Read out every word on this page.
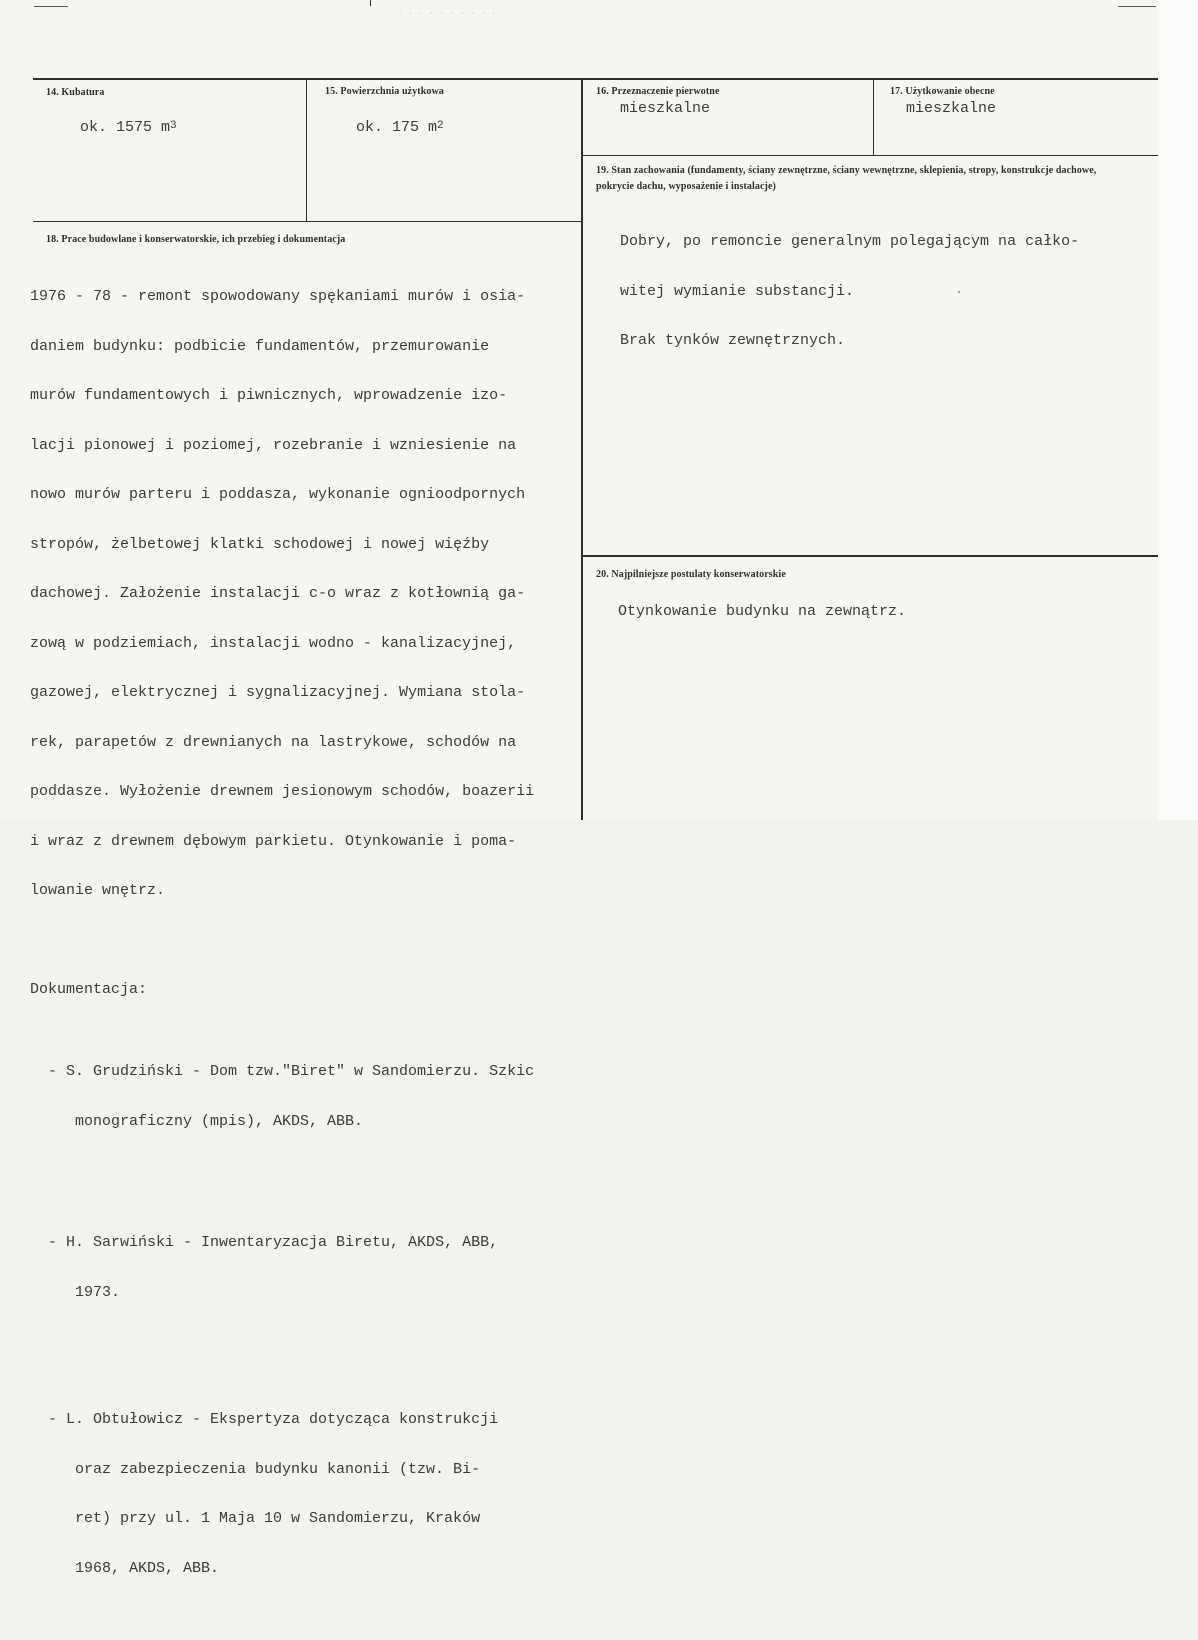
· · · · · · · · · ·
14. Kubatura
ok. 1575 $m^3$
15. Powierzchnia użytkowa
ok. 175 $m^2$
16. Przeznaczenie pierwotne
mieszkalne
17. Użytkowanie obecne
mieszkalne
19. Stan zachowania (fundamenty, ściany zewnętrzne, ściany wewnętrzne, sklepienia, stropy, konstrukcje dachowe, pokrycie dachu, wyposażenie i instalacje)

Dobry, po remoncie generalnym polegającym na całko-

witej wymianie substancji.

Brak tynków zewnętrznych.

18. Prace budowlane i konserwatorskie, ich przebieg i dokumentacja

1976 - 78 - remont spowodowany spękaniami murów i osia-

daniem budynku: podbicie fundamentów, przemurowanie

murów fundamentowych i piwnicznych, wprowadzenie izo-

lacji pionowej i poziomej, rozebranie i wzniesienie na

nowo murów parteru i poddasza, wykonanie ognioodpornych

stropów, żelbetowej klatki schodowej i nowej więźby

dachowej. Założenie instalacji c-o wraz z kotłownią ga-

zową w podziemiach, instalacji wodno - kanalizacyjnej,

gazowej, elektrycznej i sygnalizacyjnej. Wymiana stola-

rek, parapetów z drewnianych na lastrykowe, schodów na

poddasze. Wyłożenie drewnem jesionowym schodów, boazerii

i wraz z drewnem dębowym parkietu. Otynkowanie i poma-

lowanie wnętrz.

Dokumentacja:

- S. Grudziński - Dom tzw."Biret" w Sandomierzu. Szkic

monograficzny (mpis), AKDS, ABB.

- H. Sarwiński - Inwentaryzacja Biretu, AKDS, ABB,

1973.

- L. Obtułowicz - Ekspertyza dotycząca konstrukcji

oraz zabezpieczenia budynku kanonii (tzw. Bi-

ret) przy ul. 1 Maja 10 w Sandomierzu, Kraków

1968, AKDS, ABB.

20. Najpilniejsze postulaty konserwatorskie
Otynkowanie budynku na zewnątrz.
